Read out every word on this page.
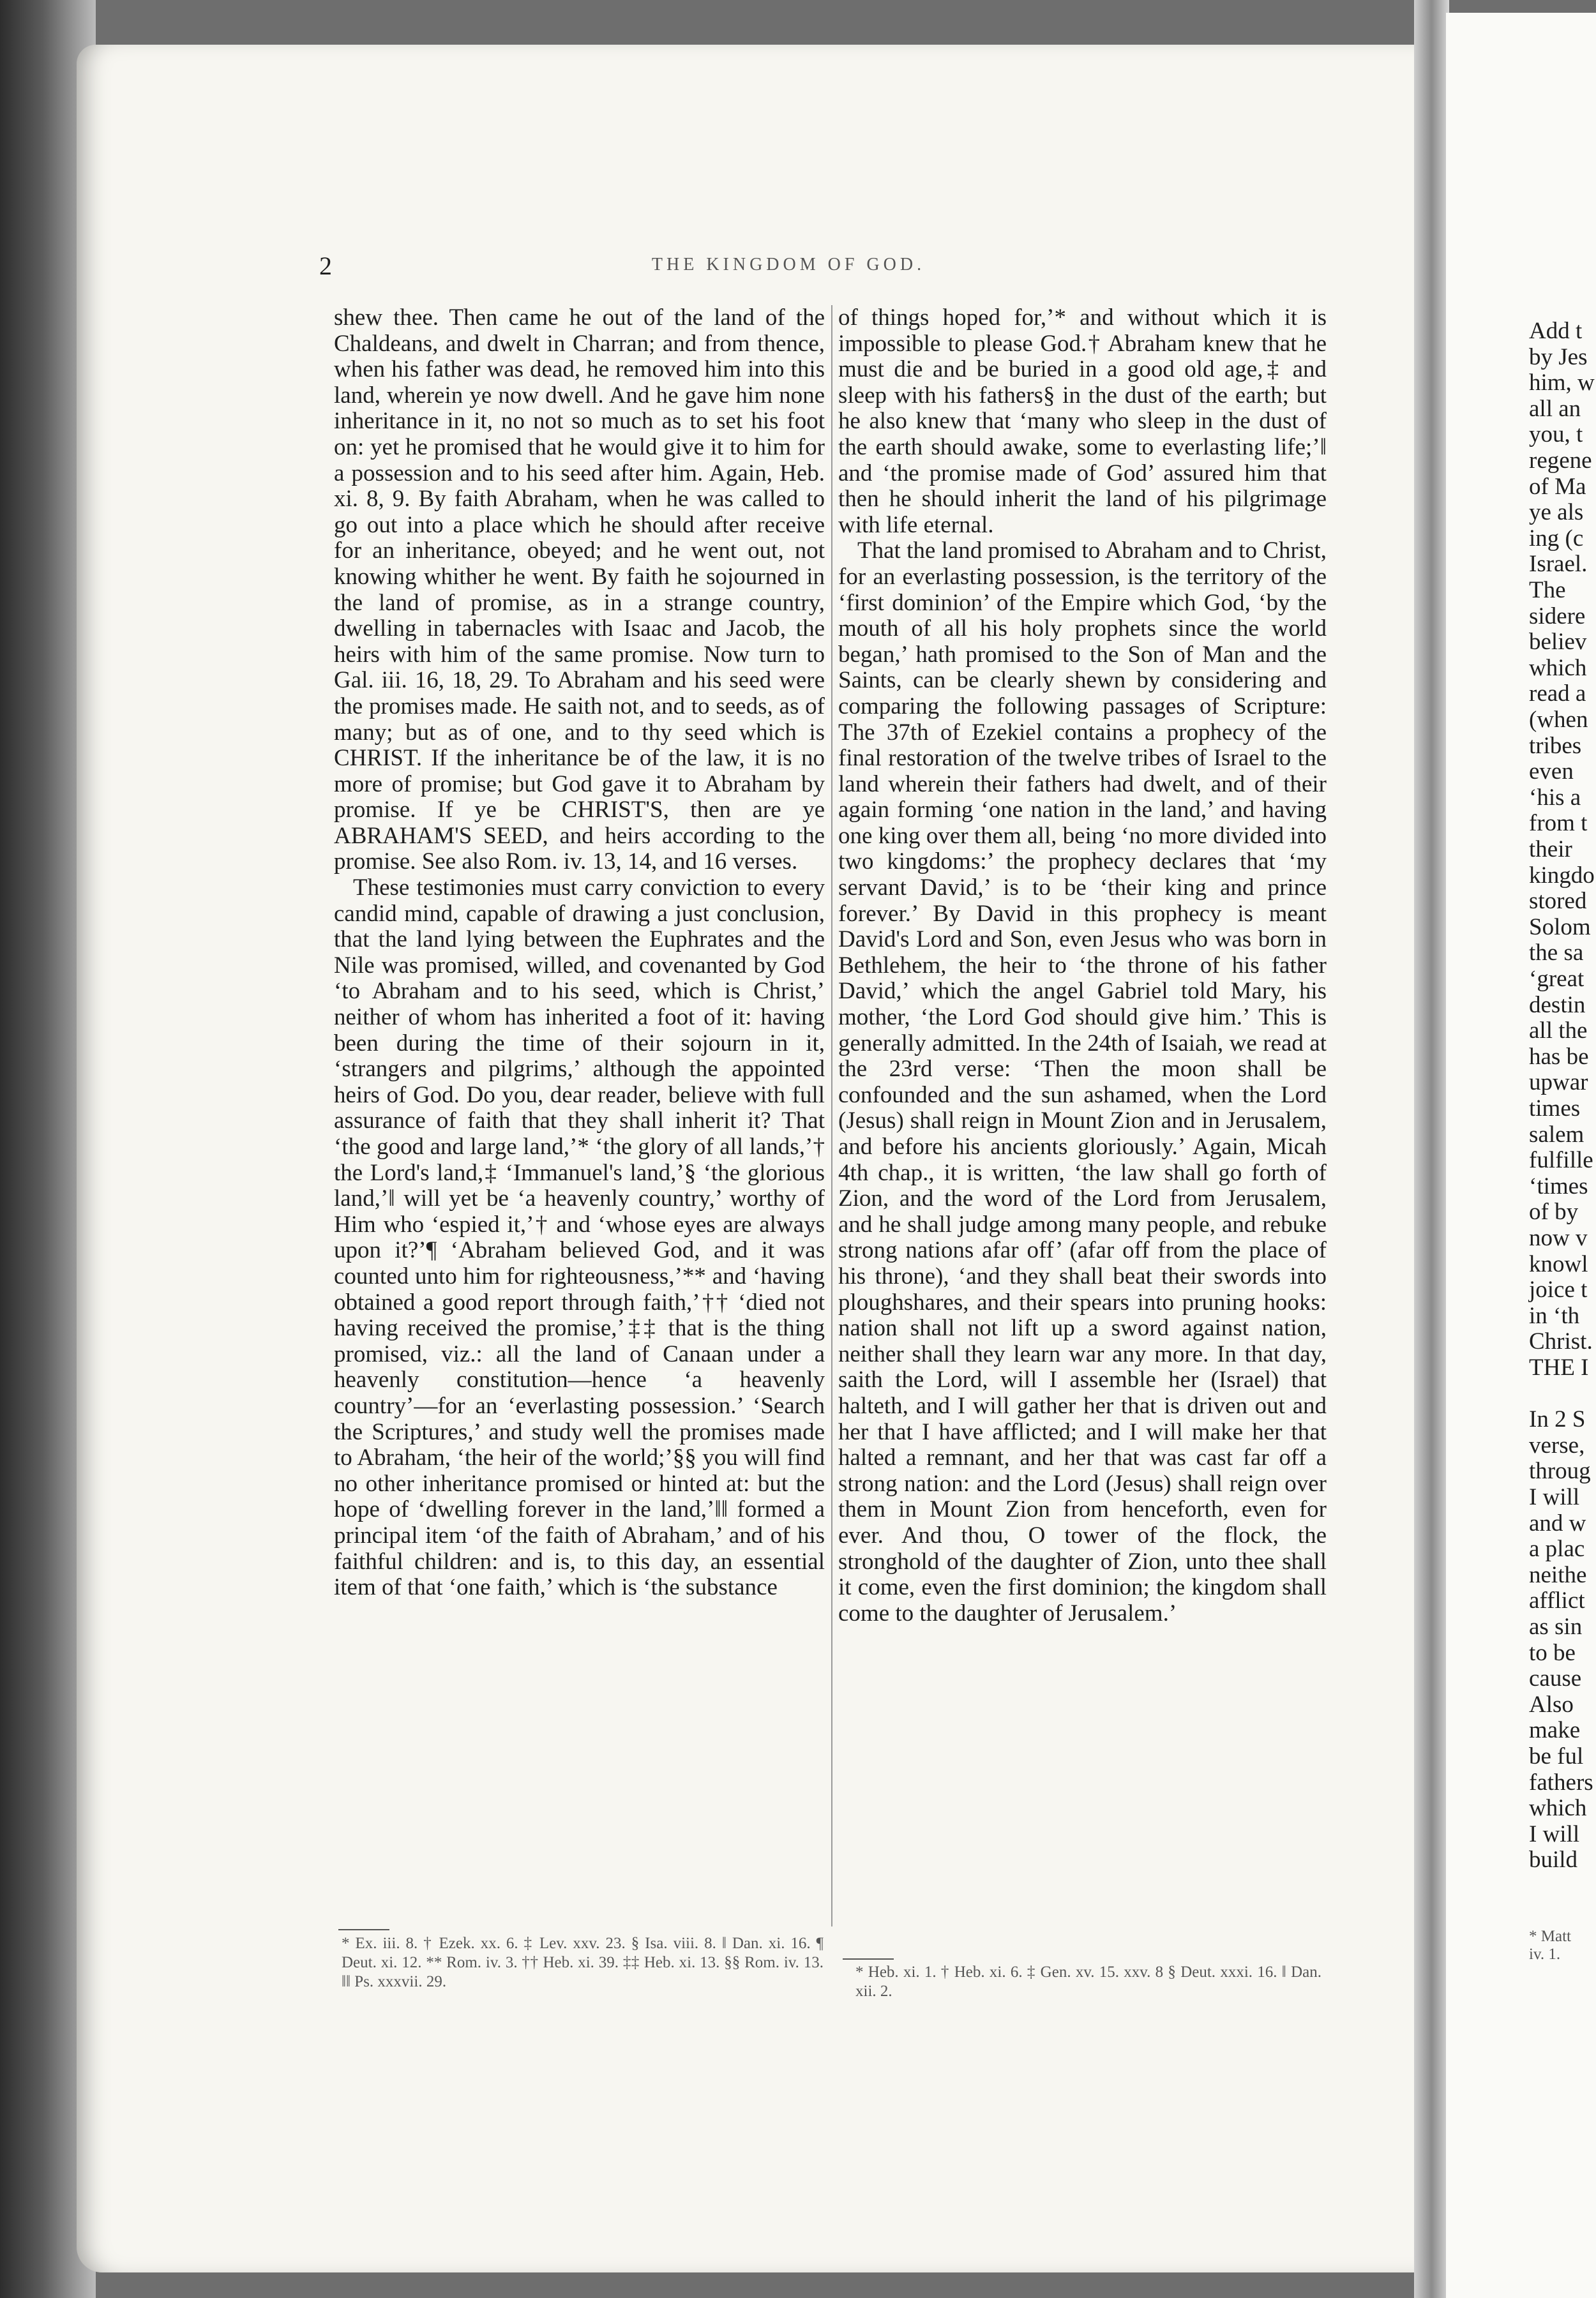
2	THE KINGDOM OF GOD.

shew thee. Then came he out of the land of the Chaldeans, and dwelt in Charran; and from thence, when his father was dead, he removed him into this land, wherein ye now dwell. And he gave him none inheritance in it, no not so much as to set his foot on: yet he promised that he would give it to him for a possession and to his seed after him. Again, Heb. xi. 8, 9. By faith Abraham, when he was called to go out into a place which he should after receive for an inheritance, obeyed; and he went out, not knowing whither he went. By faith he sojourned in the land of promise, as in a strange country, dwelling in tabernacles with Isaac and Jacob, the heirs with him of the same promise. Now turn to Gal. iii. 16, 18, 29. To Abraham and his seed were the promises made. He saith not, and to seeds, as of many; but as of one, and to thy seed which is CHRIST. If the inheritance be of the law, it is no more of promise; but God gave it to Abraham by promise. If ye be CHRIST'S, then are ye ABRAHAM'S SEED, and heirs according to the promise. See also Rom. iv. 13, 14, and 16 verses.

These testimonies must carry conviction to every candid mind, capable of drawing a just conclusion, that the land lying between the Euphrates and the Nile was promised, willed, and covenanted by God ‘to Abraham and to his seed, which is Christ,’ neither of whom has inherited a foot of it: having been during the time of their sojourn in it, ‘strangers and pilgrims,’ although the appointed heirs of God. Do you, dear reader, believe with full assurance of faith that they shall inherit it? That ‘the good and large land,’* ‘the glory of all lands,’† the Lord's land,‡ ‘Immanuel's land,’§ ‘the glorious land,’‖ will yet be ‘a heavenly country,’ worthy of Him who ‘espied it,’† and ‘whose eyes are always upon it?’¶ ‘Abraham believed God, and it was counted unto him for righteousness,’** and ‘having obtained a good report through faith,’†† ‘died not having received the promise,’‡‡ that is the thing promised, viz.: all the land of Canaan under a heavenly constitution—hence ‘a heavenly country’—for an ‘everlasting possession.’ ‘Search the Scriptures,’ and study well the promises made to Abraham, ‘the heir of the world;’§§ you will find no other inheritance promised or hinted at: but the hope of ‘dwelling forever in the land,’‖‖ formed a principal item ‘of the faith of Abraham,’ and of his faithful children: and is, to this day, an essential item of that ‘one faith,’ which is ‘the substance

of things hoped for,’* and without which it is impossible to please God.† Abraham knew that he must die and be buried in a good old age,‡ and sleep with his fathers§ in the dust of the earth; but he also knew that ‘many who sleep in the dust of the earth should awake, some to everlasting life;’‖ and ‘the promise made of God’ assured him that then he should inherit the land of his pilgrimage with life eternal.

That the land promised to Abraham and to Christ, for an everlasting possession, is the territory of the ‘first dominion’ of the Empire which God, ‘by the mouth of all his holy prophets since the world began,’ hath promised to the Son of Man and the Saints, can be clearly shewn by considering and comparing the following passages of Scripture: The 37th of Ezekiel contains a prophecy of the final restoration of the twelve tribes of Israel to the land wherein their fathers had dwelt, and of their again forming ‘one nation in the land,’ and having one king over them all, being ‘no more divided into two kingdoms:’ the prophecy declares that ‘my servant David,’ is to be ‘their king and prince forever.’ By David in this prophecy is meant David's Lord and Son, even Jesus who was born in Bethlehem, the heir to ‘the throne of his father David,’ which the angel Gabriel told Mary, his mother, ‘the Lord God should give him.’ This is generally admitted. In the 24th of Isaiah, we read at the 23rd verse: ‘Then the moon shall be confounded and the sun ashamed, when the Lord (Jesus) shall reign in Mount Zion and in Jerusalem, and before his ancients gloriously.’ Again, Micah 4th chap., it is written, ‘the law shall go forth of Zion, and the word of the Lord from Jerusalem, and he shall judge among many people, and rebuke strong nations afar off’ (afar off from the place of his throne), ‘and they shall beat their swords into ploughshares, and their spears into pruning hooks: nation shall not lift up a sword against nation, neither shall they learn war any more. In that day, saith the Lord, will I assemble her (Israel) that halteth, and I will gather her that is driven out and her that I have afflicted; and I will make her that halted a remnant, and her that was cast far off a strong nation: and the Lord (Jesus) shall reign over them in Mount Zion from henceforth, even for ever. And thou, O tower of the flock, the stronghold of the daughter of Zion, unto thee shall it come, even the first dominion; the kingdom shall come to the daughter of Jerusalem.’

* Ex. iii. 8. † Ezek. xx. 6. ‡ Lev. xxv. 23. § Isa. viii. 8. ‖ Dan. xi. 16. ¶ Deut. xi. 12. ** Rom. iv. 3. †† Heb. xi. 39. ‡‡ Heb. xi. 13. §§ Rom. iv. 13. ‖‖ Ps. xxxvii. 29.
* Heb. xi. 1. † Heb. xi. 6. ‡ Gen. xv. 15. xxv. 8 § Deut. xxxi. 16. ‖ Dan. xii. 2.
Add t
by Jes
him, w
all an
you, t
regene
of Ma
ye als
ing (c
Israel.
The
sidere
believ
which
read a
(when
tribes
even
‘his a
from t
their
kingdo
stored
Solom
the sa
‘great
destin
all the
has be
upwar
times
salem
fulfille
‘times
of by
now v
knowl
joice t
in ‘th
Christ.
THE I
In 2 S
verse,
throug
I will
and w
a plac
neithe
afflict
as sin
to be
cause
Also
make
be ful
fathers
which
I will
build
* Matt
iv. 1.
